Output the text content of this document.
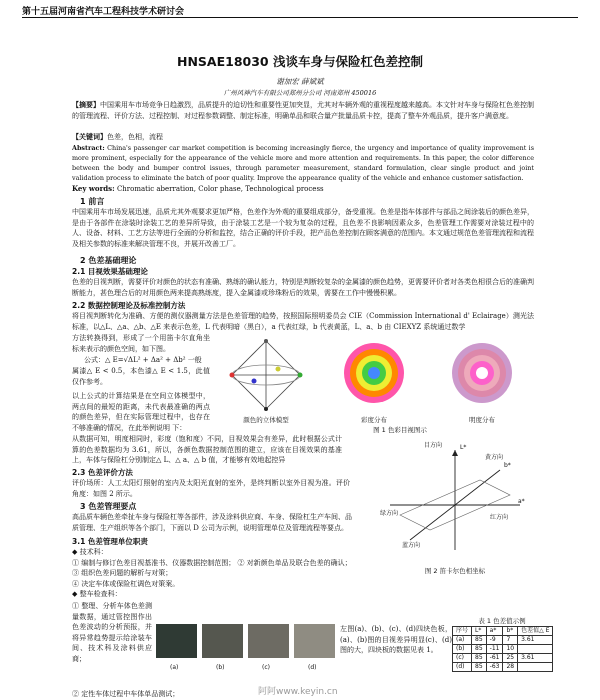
第十五届河南省汽车工程科技学术研讨会
HNSAE18030 浅谈车身与保险杠色差控制
谢加宏 薛斌斌
广州风神汽车有限公司郑州分公司 河南郑州 450016
【摘要】中国乘用车市场竞争日趋激烈，品质提升的迫切性和重要性更加突显，尤其对车辆外观的重视程度越来越高。本文针对车身与保险杠色差控制的管理流程、评价方法、过程控制、对过程参数调整、制定标准，明确单品和联合量产批量品质卡控，提高了整车外观品质，提升客户满意度。
【关键词】色差，色相，流程
Abstract: China's passenger car market competition is becoming increasingly fierce, the urgency and importance of quality improvement is more prominent, especially for the appearance of the vehicle more and more attention and requirements. In this paper, the color difference between the body and bumper control issues, through parameter measurement, standard formulation, clear single product and joint validation process to eliminate the batch of poor quality. Improve the appearance quality of the vehicle and enhance customer satisfaction.
Key words: Chromatic aberration, Color phase, Technological process
1 前言
中国乘用车市场发展迅速，品质尤其外观要求更加严格，色差作为外观的重要组成部分，备受重视。色差是指车体部件与部品之间涂装后的颜色差异，是由于各部件在涂装时涂装工艺的差异所导致，由于涂装工艺是一个较为复杂的过程，且色差不良影响因素众多，色差管理工作需要对涂装过程中的人、设备、材料、工艺方法等进行全面的分析和监控，结合正确的评价手段，把产品色差控制在顾客满意的范围内。本文通过规范色差管理流程和流程及相关参数的标准来解决管理不良，并展开改善工厂。
2 色差基础理论
2.1 目视效果基础理论
色差的目视判断，需要评价对颜色的状态有准确、熟练的确认能力，特别是判断较复杂的金属漆的颜色趋势，更需要评价者对各类色相很合后的准确判断能力，甚色理合后的对用颜色两来提高熟练度，提入金属漆或珍珠粉后的效果，需要在工作中慢慢积累。
2.2 数据控制理论及标准控制方法
将目视判断转化为准确、方便的测仪器测量方法是色差管理的趋势，按照国际照明委员会 CIE（Commission International d' Eclairage）测光法标准，以△L、△a、△b、△E 来表示色差，L 代表明暗（黑白），a 代表红绿，b 代表黄蓝，L、a、b 由 CIEXYZ 系统通过数学
方法转换得到，形成了一个用笛卡尔直角坐标来表示的颜色空间，如下图。
公式：△ E=√ΔL² + Δa² + Δb² 一般
属漆△ E < 0.5，本色漆△ E < 1.5，此值仅作参考。
以上公式的计算结果是在空间立体模型中，两点间的最短的距离，未代表最准确的两点的颜色差异，但在实际管理过程中，也存在不够准确的情况，在此举例说明 下：
颜色的立体模型	彩度分布	明度分布
图 1 色彩目视图示
从数据可知，明度相同时，彩度（饱和度）不同，目视效果会有差异，此时根据公式计算的色差数据均为 3.61，所以，各颜色数据控制范围的建立，应该在目视效果的基准上，车体与保险杠分别制定△ L、△ a、△ b 值，才能够有效地起控异
2.3 色差评价方法
评价场所：人工太阳灯照射的室内及太阳光直射的室外，是终判断以室外目视为准。评价角度：如图 2 所示。
3 色差管理要点
高品质车辆色差牵扯车身与保险杠等各部件，涉及涂料供应商、车身、保险杠生产车间、品质管理、生产组织等各个部门，下面以 D 公司为示例，说明管理单位及管理流程等要点。
L*
b*
a*
目方向
黄方向
红方向
绿方向
蓝方向
图 2 笛卡尔色相坐标
3.1 色差管理单位职责
◆ 技术科：
① 编制与修订色差目视基准书、仪器数据控制范围； ② 对新颜色单品及联合色差的确认；
③ 组织色差问题的解析与对策；
④ 决定车体或保险杠调色对策案。
◆ 整车检查科：
① 整理、分析车体色差测量数据，通过管控图作出色差波动的分析预报，并将异常趋势提示给涂装车间、技术科及涂料供应商；
② 定性车体过程中车体单品测试；
(a)	(b)	(c)	(d)
左图(a)、(b)、(c)、(d)四块色板，(a)、(b)图的目视差异明显(c)、(d)图的大，四块板的数据见表 1。
表 1 色差值示例
序号	L*	a*	b*	色差值△ E
(a)	85	-9	7	3.61
(b)	85	-11	10	
(c)	85	-61	25	3.61
(d)	85	-63	28	
阿阿www.keyin.cn
